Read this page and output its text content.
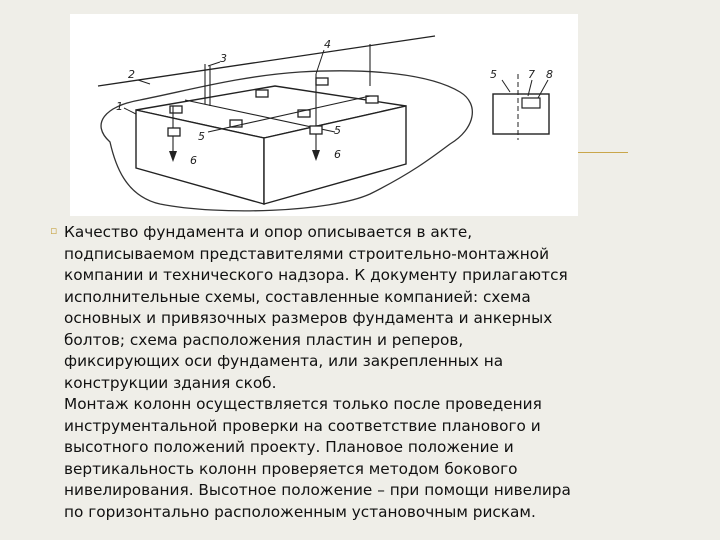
1
2
3
4
5
6
5
6
5	7 8
▫ Качество фундамента и опор описывается в акте,
подписываемом представителями строительно-монтажной
компании и технического надзора. К документу прилагаются
исполнительные схемы, составленные компанией: схема
основных и привязочных размеров фундамента и анкерных
болтов; схема расположения пластин и реперов,
фиксирующих оси фундамента, или закрепленных на
конструкции здания скоб.

Монтаж колонн осуществляется только после проведения
инструментальной проверки на соответствие планового и
высотного положений проекту. Плановое положение и
вертикальность колонн проверяется методом бокового
нивелирования. Высотное положение – при помощи нивелира
по горизонтально расположенным установочным рискам.
